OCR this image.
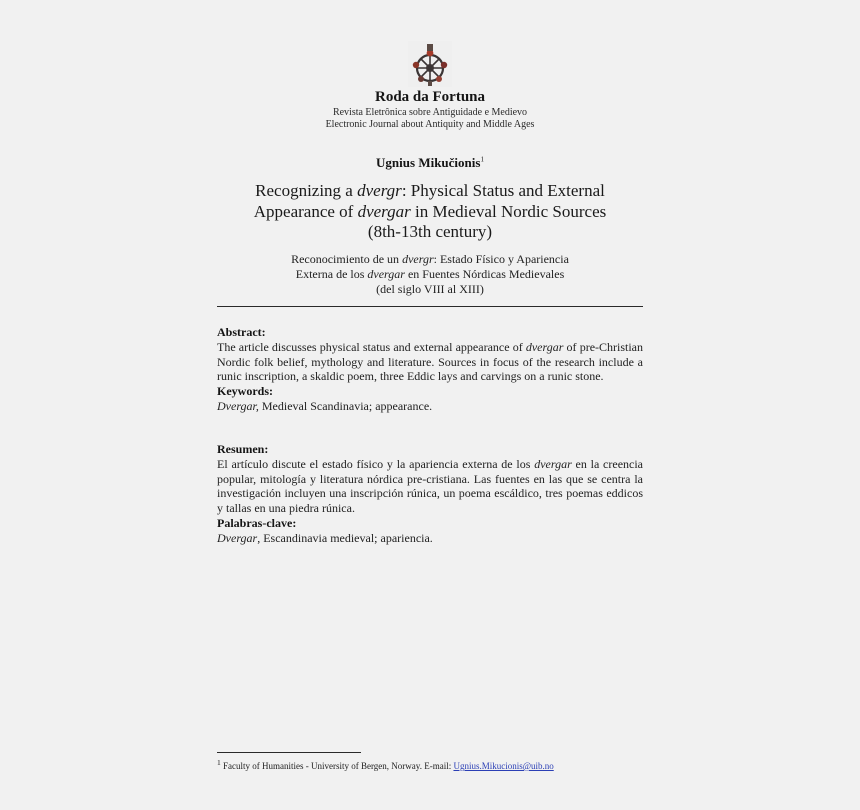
Roda da Fortuna
Revista Eletrônica sobre Antiguidade e Medievo
Electronic Journal about Antiquity and Middle Ages
Ugnius Mikučionis$^1$
Recognizing a dvergr: Physical Status and External
Appearance of dvergar in Medieval Nordic Sources
(8th-13th century)
Reconocimiento de un dvergr: Estado Físico y Apariencia
Externa de los dvergar en Fuentes Nórdicas Medievales
(del siglo VIII al XIII)
Abstract:
The article discusses physical status and external appearance of dvergar of pre-Christian Nordic folk belief, mythology and literature. Sources in focus of the research include a runic inscription, a skaldic poem, three Eddic lays and carvings on a runic stone.
Keywords:
Dvergar, Medieval Scandinavia; appearance.
Resumen:
El artículo discute el estado físico y la apariencia externa de los dvergar en la creencia popular, mitología y literatura nórdica pre-cristiana. Las fuentes en las que se centra la investigación incluyen una inscripción rúnica, un poema escáldico, tres poemas eddicos y tallas en una piedra rúnica.
Palabras-clave:
Dvergar, Escandinavia medieval; apariencia.
$^1$ Faculty of Humanities - University of Bergen, Norway. E-mail: Ugnius.Mikucionis@uib.no
